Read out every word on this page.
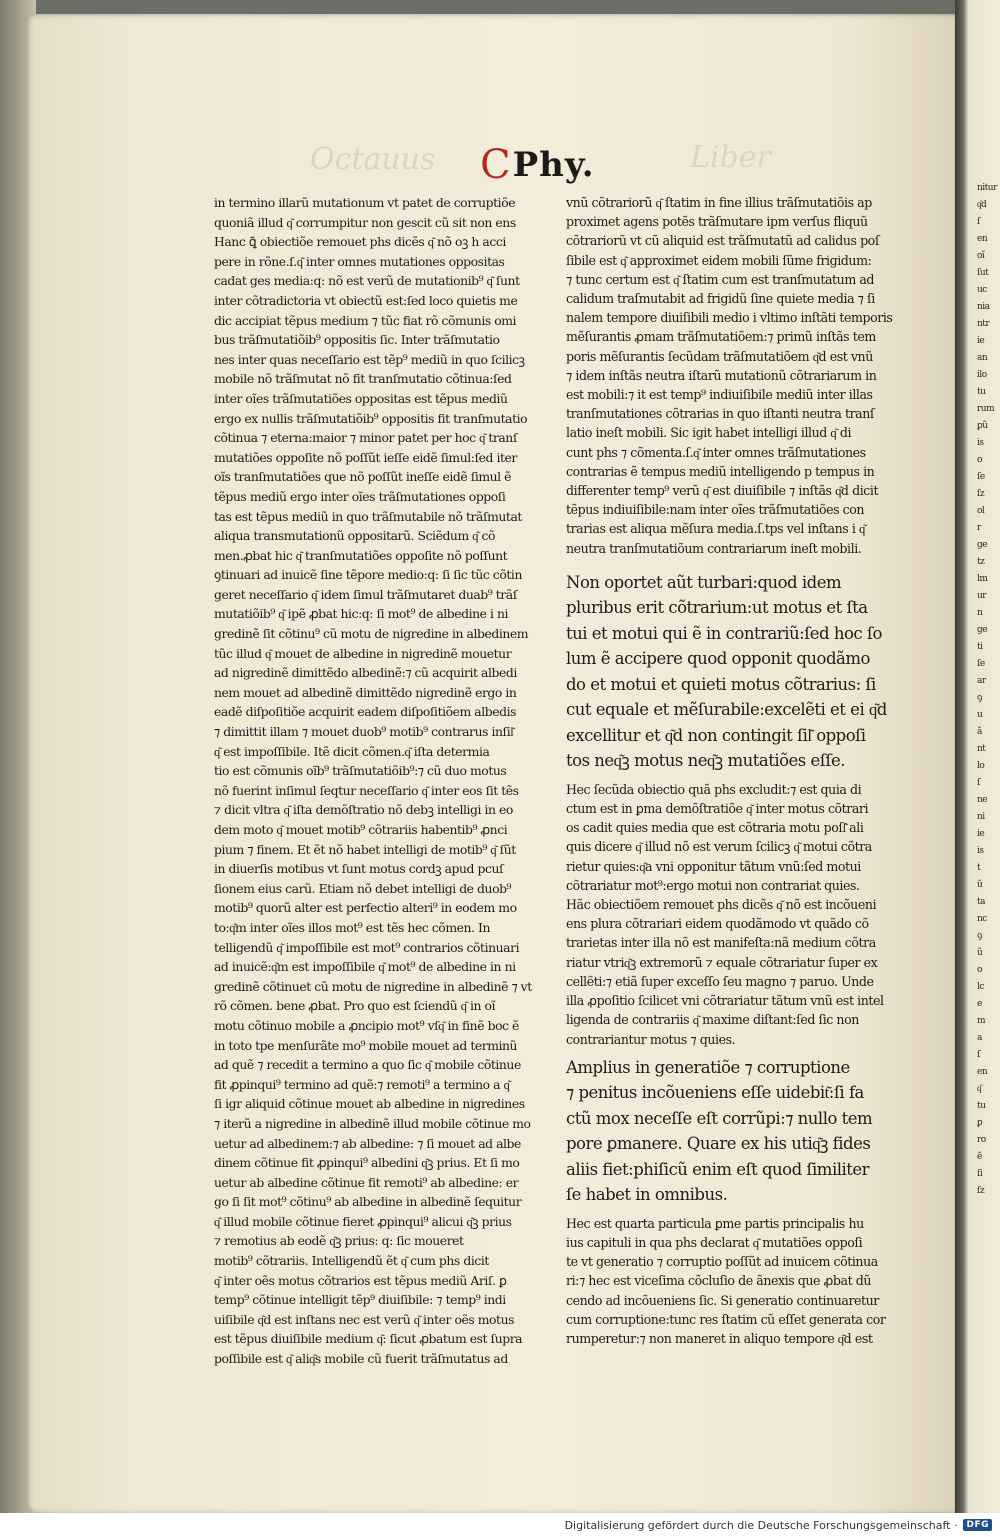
Octauus	Liber
C Phy.
in termino illarũ mutationum vt patet de corruptiõe
quoniã illud q͂ corrumpitur non gescit cũ sit non ens
Hanc ꝗ͂ obiectiõe remouet phs dicẽs q͂ nõ oꝫ h acci
pere in rõne.ſ.q͂ inter omnes mutationes oppositas
cadat ges media:q: nõ est verũ de mutationib⁹ q͂ ſunt
inter cõtradictoria vt obiectũ est:ſed loco quietis me
dic accipiat tẽpus medium ⁊ tũc fiat rõ cõmunis omi
bus trãſmutatiõib⁹ oppositis ſic. Inter trãſmutatio
nes inter quas neceſſario est tẽp⁹ mediũ in quo ſcilicꝫ
mobile nõ trãſmutat nõ fit tranſmutatio cõtinua:ſed
inter oĩes trãſmutatiões oppositas est tẽpus mediũ
ergo ex nullis trãſmutatiõib⁹ oppositis fit tranſmutatio
cõtinua ⁊ eterna:maior ⁊ minor patet per hoc q͂ tranſ
mutatiões oppoſite nõ poſſũt ieſſe eidẽ ſimul:ſed iter
oĩs tranſmutatiões que nõ poſſũt ineſſe eidẽ ſimul ẽ
tẽpus mediũ ergo inter oĩes trãſmutationes oppoſi
tas est tẽpus mediũ in quo trãſmutabile nõ trãſmutat
aliqua transmutationũ oppositarũ. Sciẽdum q͂ cõ
men.ꝓbat hic q͂ tranſmutatiões oppoſite nõ poſſunt
ꝯtinuari ad inuicẽ ſine tẽpore medio:q: ſi ſic tũc cõtin
geret neceſſario q͂ idem ſimul trãſmutaret duab⁹ trãſ
mutatiõib⁹ q͂ ipẽ ꝓbat hic:q: ſi mot⁹ de albedine i ni
gredinẽ ſit cõtinu⁹ cũ motu de nigredine in albedinem
tũc illud q͂ mouet de albedine in nigredinẽ mouetur
ad nigredinẽ dimittẽdo albedinẽ:⁊ cũ acquirit albedi
nem mouet ad albedinẽ dimittẽdo nigredinẽ ergo in
eadẽ diſpoſitiõe acquirit eadem diſpoſitiõem albedis
⁊ dimittit illam ⁊ mouet duob⁹ motib⁹ contrarus inſil͂
q͂ est impoſſibile. Itẽ dicit cõmen.q͂ iſta determia
tio est cõmunis oĩb⁹ trãſmutatiõib⁹:⁊ cũ duo motus
nõ fuerint inſimul ſeqtur neceſſario q͂ inter eos ſit tẽs
⁊ dicit vltra q͂ iſta demõſtratio nõ debꝫ intelligi in eo
dem moto q͂ mouet motib⁹ cõtrariis habentib⁹ ꝓnci
pium ⁊ finem. Et ẽt nõ habet intelligi de motib⁹ q͂ ſũt
in diuerſis motibus vt ſunt motus cordꝫ apud pcuſ
ſionem eius carũ. Etiam nõ debet intelligi de duob⁹
motib⁹ quorũ alter est perfectio alteri⁹ in eodem mo
to:q͂m inter oĩes illos mot⁹ est tẽs hec cõmen. In
telligendũ q͂ impoſſibile est mot⁹ contrarios cõtinuari
ad inuicẽ:q͂m est impoſſibile q͂ mot⁹ de albedine in ni
gredinẽ cõtinuet cũ motu de nigredine in albedinẽ ⁊ vt
rõ cõmen. bene ꝓbat. Pro quo est ſciendũ q͂ in oĩ
motu cõtinuo mobile a ꝓncipio mot⁹ vſq͂ in finẽ boc ẽ
in toto tpe menſurãte mo⁹ mobile mouet ad terminũ
ad quẽ ⁊ recedit a termino a quo ſic q͂ mobile cõtinue
fit ꝓpinqui⁹ termino ad quẽ:⁊ remoti⁹ a termino a q͂
ſi igr aliquid cõtinue mouet ab albedine in nigredines
⁊ iterũ a nigredine in albedinẽ illud mobile cõtinue mo
uetur ad albedinem:⁊ ab albedine: ⁊ ſi mouet ad albe
dinem cõtinue fit ꝓpinqui⁹ albedini q͂ꝫ prius. Et ſi mo
uetur ab albedine cõtinue fit remoti⁹ ab albedine: er
go ſi ſit mot⁹ cõtinu⁹ ab albedine in albedinẽ ſequitur
q͂ illud mobile cõtinue fieret ꝓpinqui⁹ alicui q͂ꝫ prius
⁊ remotius ab eodẽ q͂ꝫ prius: q: ſic moueret
motib⁹ cõtrariis. Intelligendũ ẽt q͂ cum phs dicit
q͂ inter oẽs motus cõtrarios est tẽpus mediũ Ariſ. ꝑ
temp⁹ cõtinue intelligit tẽp⁹ diuiſibile: ⁊ temp⁹ indi
uiſibile q͂d est inſtans nec est verũ q͂ inter oẽs motus
est tẽpus diuiſibile medium q͂: ſicut ꝓbatum est ſupra
poſſibile est q͂ aliq͂s mobile cũ fuerit trãſmutatus ad
vnũ cõtrariorũ q͂ ſtatim in fine illius trãſmutatiõis ap
proximet agens potẽs trãſmutare ipm verſus fliquũ
cõtrariorũ vt cũ aliquid est trãſmutatũ ad calidus poſ
ſibile est q͂ approximet eidem mobili ſũme frigidum:
⁊ tunc certum est q͂ ſtatim cum est tranſmutatum ad
calidum traſmutabit ad frigidũ ſine quiete media ⁊ ſi
nalem tempore diuiſibili medio i vltimo inſtãti temporis
mẽſurantis ꝓmam trãſmutatiõem:⁊ primũ inſtãs tem
poris mẽſurantis ſecũdam trãſmutatiõem q͂d est vnũ
⁊ idem inſtãs neutra iſtarũ mutationũ cõtrariarum in
est mobili:⁊ it est temp⁹ indiuiſibile mediũ inter illas
tranſmutationes cõtrarias in quo iſtanti neutra tranſ
latio ineſt mobili. Sic igit habet intelligi illud q͂ di
cunt phs ⁊ cõmenta.ſ.q͂ inter omnes trãſmutationes
contrarias ẽ tempus mediũ intelligendo p tempus in
differenter temp⁹ verũ q͂ est diuiſibile ⁊ inſtãs q͂d dicit
tẽpus indiuiſibile:nam inter oĩes trãſmutatiões con
trarias est aliqua mẽſura media.ſ.tps vel inſtans i q͂
neutra tranſmutatiõum contrariarum ineſt mobili.
Non oportet aũt turbari:quod idem
pluribus erit cõtrarium:ut motus et ſta
tui et motui qui ẽ in contrariũ:ſed hoc ſo
lum ẽ accipere quod opponit quodãmo
do et motui et quieti motus cõtrarius: ſi
cut equale et mẽſurabile:excelẽti et ei q͂d
excellitur et q͂d non contingit ſil͂ oppoſi
tos neq͂ꝫ motus neq͂ꝫ mutatiões eſſe.
Hec ſecũda obiectio quã phs excludit:⁊ est quia di
ctum est in ꝑma demõſtratiõe q͂ inter motus cõtrari
os cadit quies media que est cõtraria motu poſſ͂ ali
quis dicere q͂ illud nõ est verum ſcilicꝫ q͂ motui cõtra
rietur quies:q͂a vni opponitur tãtum vnũ:ſed motui
cõtrariatur mot⁹:ergo motui non contrariat quies.
Hãc obiectiõem remouet phs dicẽs q͂ nõ est incõueni
ens plura cõtrariari eidem quodãmodo vt quãdo cõ
trarietas inter illa nõ est manifeſta:nã medium cõtra
riatur vtriq͂ꝫ extremorũ ⁊ equale cõtrariatur ſuper ex
cellẽti:⁊ etiã ſuper exceſſo ſeu magno ⁊ paruo. Unde
illa ꝓpoſitio ſcilicet vni cõtrariatur tãtum vnũ est intel
ligenda de contrariis q͂ maxime diſtant:ſed ſic non
contrariantur motus ⁊ quies.
Amplius in generatiõe ⁊ corruptione
⁊ penitus incõueniens eſſe uidebit͂:ſi fa
ctũ mox neceſſe eſt corrũpi:⁊ nullo tem
pore ꝑmanere. Quare ex his utiq͂ꝫ fides
aliis fiet:phiſicũ enim eſt quod ſimiliter
ſe habet in omnibus.
Hec est quarta particula ꝑme partis principalis hu
ius capituli in qua phs declarat q͂ mutatiões oppoſi
te vt generatio ⁊ corruptio poſſũt ad inuicem cõtinua
ri:⁊ hec est viceſima cõcluſio de ãnexis que ꝓbat dũ
cendo ad incõueniens ſic. Si generatio continuaretur
cum corruptione:tunc res ſtatim cũ eſſet generata cor
rumperetur:⁊ non maneret in aliquo tempore q͂d est
nitur
q͂d
ſ
en
oĩ
ſut
uc
nia
ntr
ie
an
ilo
tu
rum
ꝑũ
is
o
ſe
ſz
ol
r
ge
tz
lm
ur
n
ge
ti
ſe
ar
ꝯ
u
ã
nt
lo
ſ
ne
ni
ie
is
t
ũ
ta
nc
ꝯ
ũ
o
lc
e
m
a
ſ
en
q͂
tu
ꝑ
ro
ẽ
ſi
ſz
Digitalisierung gefördert durch die Deutsche Forschungsgemeinschaft ·	DFG
